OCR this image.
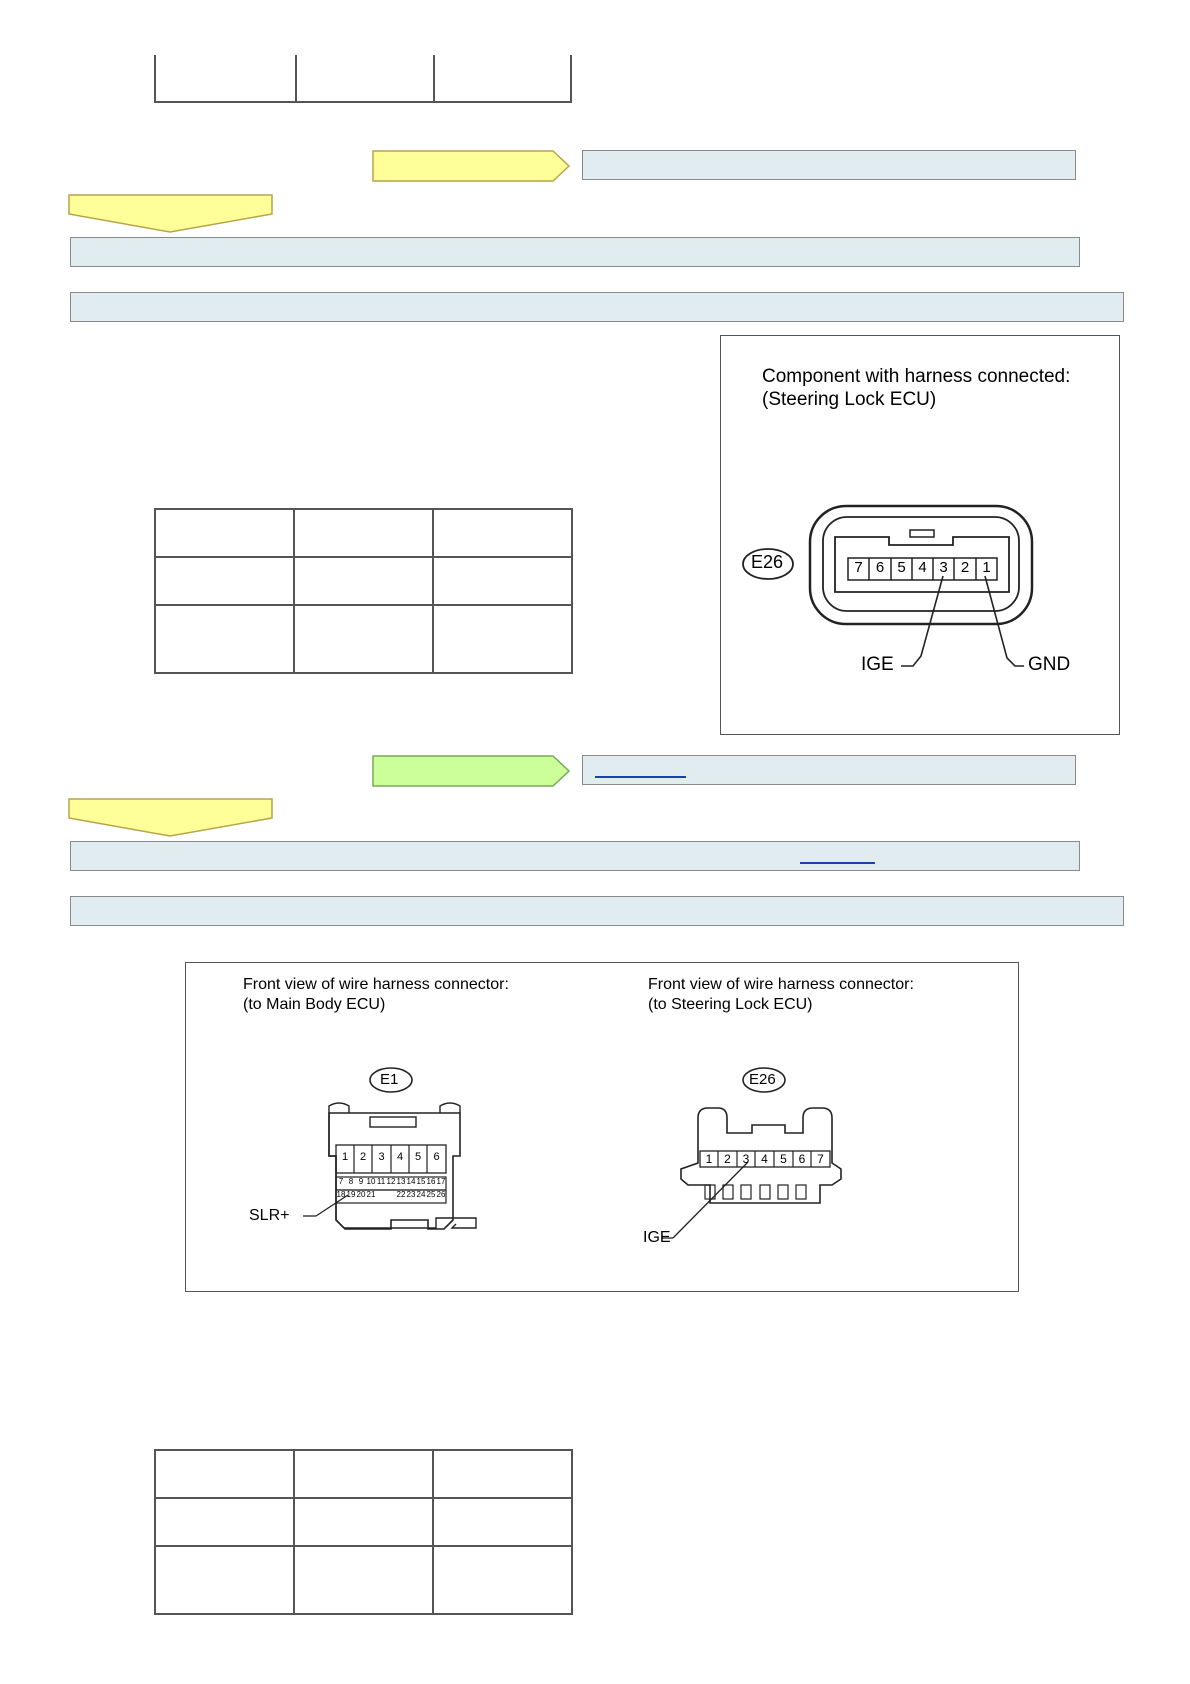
Component with harness connected:
(Steering Lock ECU)
E26	7 6 5 4 3 2 1
IGE	GND
Front view of wire harness connector:
(to Main Body ECU)
Front view of wire harness connector:
(to Steering Lock ECU)
E1	E26
1	2	3	4	5	6
7 8 9 10 11 12 13 14 15 16 17
18 19 20 21	22 23 24 25 26
1 2 3 4	5 6 7
SLR+
IGE
